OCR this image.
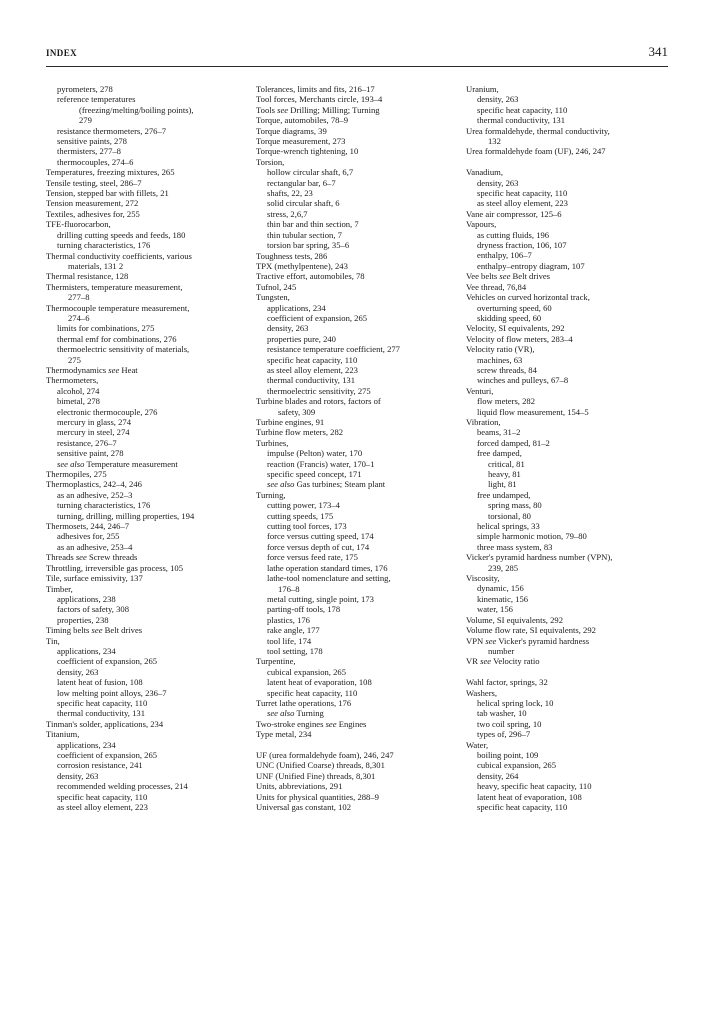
INDEX	341
pyrometers, 278
reference temperatures
(freezing/melting/boiling points),
279
resistance thermometers, 276–7
sensitive paints, 278
thermisters, 277–8
thermocouples, 274–6
Temperatures, freezing mixtures, 265
Tensile testing, steel, 286–7
Tension, stepped bar with fillets, 21
Tension measurement, 272
Textiles, adhesives for, 255
TFE-fluorocarbon,
drilling cutting speeds and feeds, 180
turning characteristics, 176
Thermal conductivity coefficients, various
materials, 131 2
Thermal resistance, 128
Thermisters, temperature measurement,
277–8
Thermocouple temperature measurement,
274–6
limits for combinations, 275
thermal emf for combinations, 276
thermoelectric sensitivity of materials,
275
Thermodynamics see Heat
Thermometers,
alcohol, 274
bimetal, 278
electronic thermocouple, 276
mercury in glass, 274
mercury in steel, 274
resistance, 276–7
sensitive paint, 278
see also Temperature measurement
Thermopiles, 275
Thermoplastics, 242–4, 246
as an adhesive, 252–3
turning characteristics, 176
turning, drilling, milling properties, 194
Thermosets, 244, 246–7
adhesives for, 255
as an adhesive, 253–4
Threads see Screw threads
Throttling, irreversible gas process, 105
Tile, surface emissivity, 137
Timber,
applications, 238
factors of safety, 308
properties, 238
Timing belts see Belt drives
Tin,
applications, 234
coefficient of expansion, 265
density, 263
latent heat of fusion, 108
low melting point alloys, 236–7
specific heat capacity, 110
thermal conductivity, 131
Tinman's solder, applications, 234
Titanium,
applications, 234
coefficient of expansion, 265
corrosion resistance, 241
density, 263
recommended welding processes, 214
specific heat capacity, 110
as steel alloy element, 223
Tolerances, limits and fits, 216–17
Tool forces, Merchants circle, 193–4
Tools see Drilling; Milling; Turning
Torque, automobiles, 78–9
Torque diagrams, 39
Torque measurement, 273
Torque-wrench tightening, 10
Torsion,
hollow circular shaft, 6,7
rectangular bar, 6–7
shafts, 22, 23
solid circular shaft, 6
stress, 2,6,7
thin bar and thin section, 7
thin tubular section, 7
torsion bar spring, 35–6
Toughness tests, 286
TPX (methylpentene), 243
Tractive effort, automobiles, 78
Tufnol, 245
Tungsten,
applications, 234
coefficient of expansion, 265
density, 263
properties pure, 240
resistance temperature coefficient, 277
specific heat capacity, 110
as steel alloy element, 223
thermal conductivity, 131
thermoelectric sensitivity, 275
Turbine blades and rotors, factors of
safety, 309
Turbine engines, 91
Turbine flow meters, 282
Turbines,
impulse (Pelton) water, 170
reaction (Francis) water, 170–1
specific speed concept, 171
see also Gas turbines; Steam plant
Turning,
cutting power, 173–4
cutting speeds, 175
cutting tool forces, 173
force versus cutting speed, 174
force versus depth of cut, 174
force versus feed rate, 175
lathe operation standard times, 176
lathe-tool nomenclature and setting,
176–8
metal cutting, single point, 173
parting-off tools, 178
plastics, 176
rake angle, 177
tool life, 174
tool setting, 178
Turpentine,
cubical expansion, 265
latent heat of evaporation, 108
specific heat capacity, 110
Turret lathe operations, 176
see also Turning
Two-stroke engines see Engines
Type metal, 234
UF (urea formaldehyde foam), 246, 247
UNC (Unified Coarse) threads, 8,301
UNF (Unified Fine) threads, 8,301
Units, abbreviations, 291
Units for physical quantities, 288–9
Universal gas constant, 102
Uranium,
density, 263
specific heat capacity, 110
thermal conductivity, 131
Urea formaldehyde, thermal conductivity,
132
Urea formaldehyde foam (UF), 246, 247
Vanadium,
density, 263
specific heat capacity, 110
as steel alloy element, 223
Vane air compressor, 125–6
Vapours,
as cutting fluids, 196
dryness fraction, 106, 107
enthalpy, 106–7
enthalpy–entropy diagram, 107
Vee belts see Belt drives
Vee thread, 76,84
Vehicles on curved horizontal track,
overturning speed, 60
skidding speed, 60
Velocity, SI equivalents, 292
Velocity of flow meters, 283–4
Velocity ratio (VR),
machines, 63
screw threads, 84
winches and pulleys, 67–8
Venturi,
flow meters, 282
liquid flow measurement, 154–5
Vibration,
beams, 31–2
forced damped, 81–2
free damped,
critical, 81
heavy, 81
light, 81
free undamped,
spring mass, 80
torsional, 80
helical springs, 33
simple harmonic motion, 79–80
three mass system, 83
Vicker's pyramid hardness number (VPN),
239, 285
Viscosity,
dynamic, 156
kinematic, 156
water, 156
Volume, SI equivalents, 292
Volume flow rate, SI equivalents, 292
VPN see Vicker's pyramid hardness
number
VR see Velocity ratio
Wahl factor, springs, 32
Washers,
helical spring lock, 10
tab washer, 10
two coil spring, 10
types of, 296–7
Water,
boiling point, 109
cubical expansion, 265
density, 264
heavy, specific heat capacity, 110
latent heat of evaporation, 108
specific heat capacity, 110
